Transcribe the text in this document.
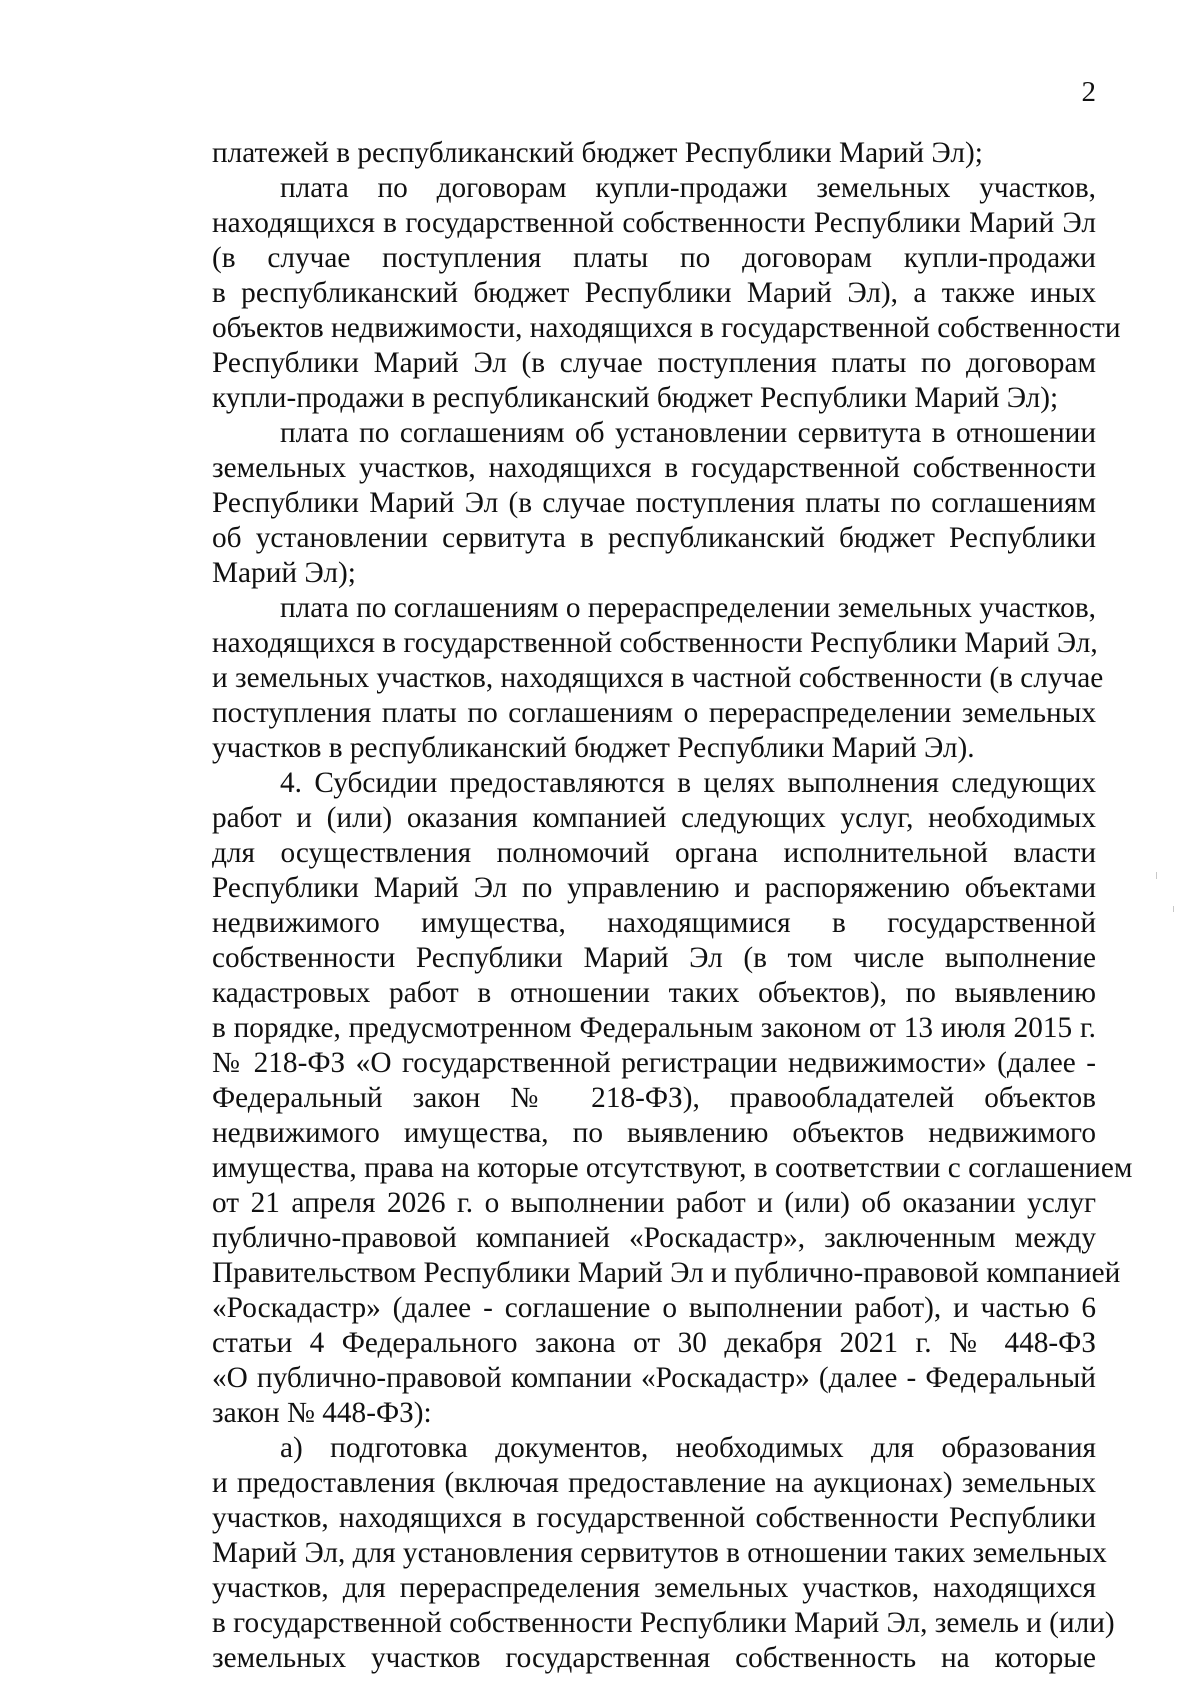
2
платежей в республиканский бюджет Республики Марий Эл);
плата по договорам купли-продажи земельных участков,
находящихся в государственной собственности Республики Марий Эл
(в случае поступления платы по договорам купли-продажи
в республиканский бюджет Республики Марий Эл), а также иных
объектов недвижимости, находящихся в государственной собственности
Республики Марий Эл (в случае поступления платы по договорам
купли-продажи в республиканский бюджет Республики Марий Эл);
плата по соглашениям об установлении сервитута в отношении
земельных участков, находящихся в государственной собственности
Республики Марий Эл (в случае поступления платы по соглашениям
об установлении сервитута в республиканский бюджет Республики
Марий Эл);
плата по соглашениям о перераспределении земельных участков,
находящихся в государственной собственности Республики Марий Эл,
и земельных участков, находящихся в частной собственности (в случае
поступления платы по соглашениям о перераспределении земельных
участков в республиканский бюджет Республики Марий Эл).
4. Субсидии предоставляются в целях выполнения следующих
работ и (или) оказания компанией следующих услуг, необходимых
для осуществления полномочий органа исполнительной власти
Республики Марий Эл по управлению и распоряжению объектами
недвижимого имущества, находящимися в государственной
собственности Республики Марий Эл (в том числе выполнение
кадастровых работ в отношении таких объектов), по выявлению
в порядке, предусмотренном Федеральным законом от 13 июля 2015 г.
№ 218-ФЗ «О государственной регистрации недвижимости» (далее -
Федеральный закон № 218-ФЗ), правообладателей объектов
недвижимого имущества, по выявлению объектов недвижимого
имущества, права на которые отсутствуют, в соответствии с соглашением
от 21 апреля 2026 г. о выполнении работ и (или) об оказании услуг
публично-правовой компанией «Роскадастр», заключенным между
Правительством Республики Марий Эл и публично-правовой компанией
«Роскадастр» (далее - соглашение о выполнении работ), и частью 6
статьи 4 Федерального закона от 30 декабря 2021 г. № 448-ФЗ
«О публично-правовой компании «Роскадастр» (далее - Федеральный
закон № 448-ФЗ):
а) подготовка документов, необходимых для образования
и предоставления (включая предоставление на аукционах) земельных
участков, находящихся в государственной собственности Республики
Марий Эл, для установления сервитутов в отношении таких земельных
участков, для перераспределения земельных участков, находящихся
в государственной собственности Республики Марий Эл, земель и (или)
земельных участков государственная собственность на которые
